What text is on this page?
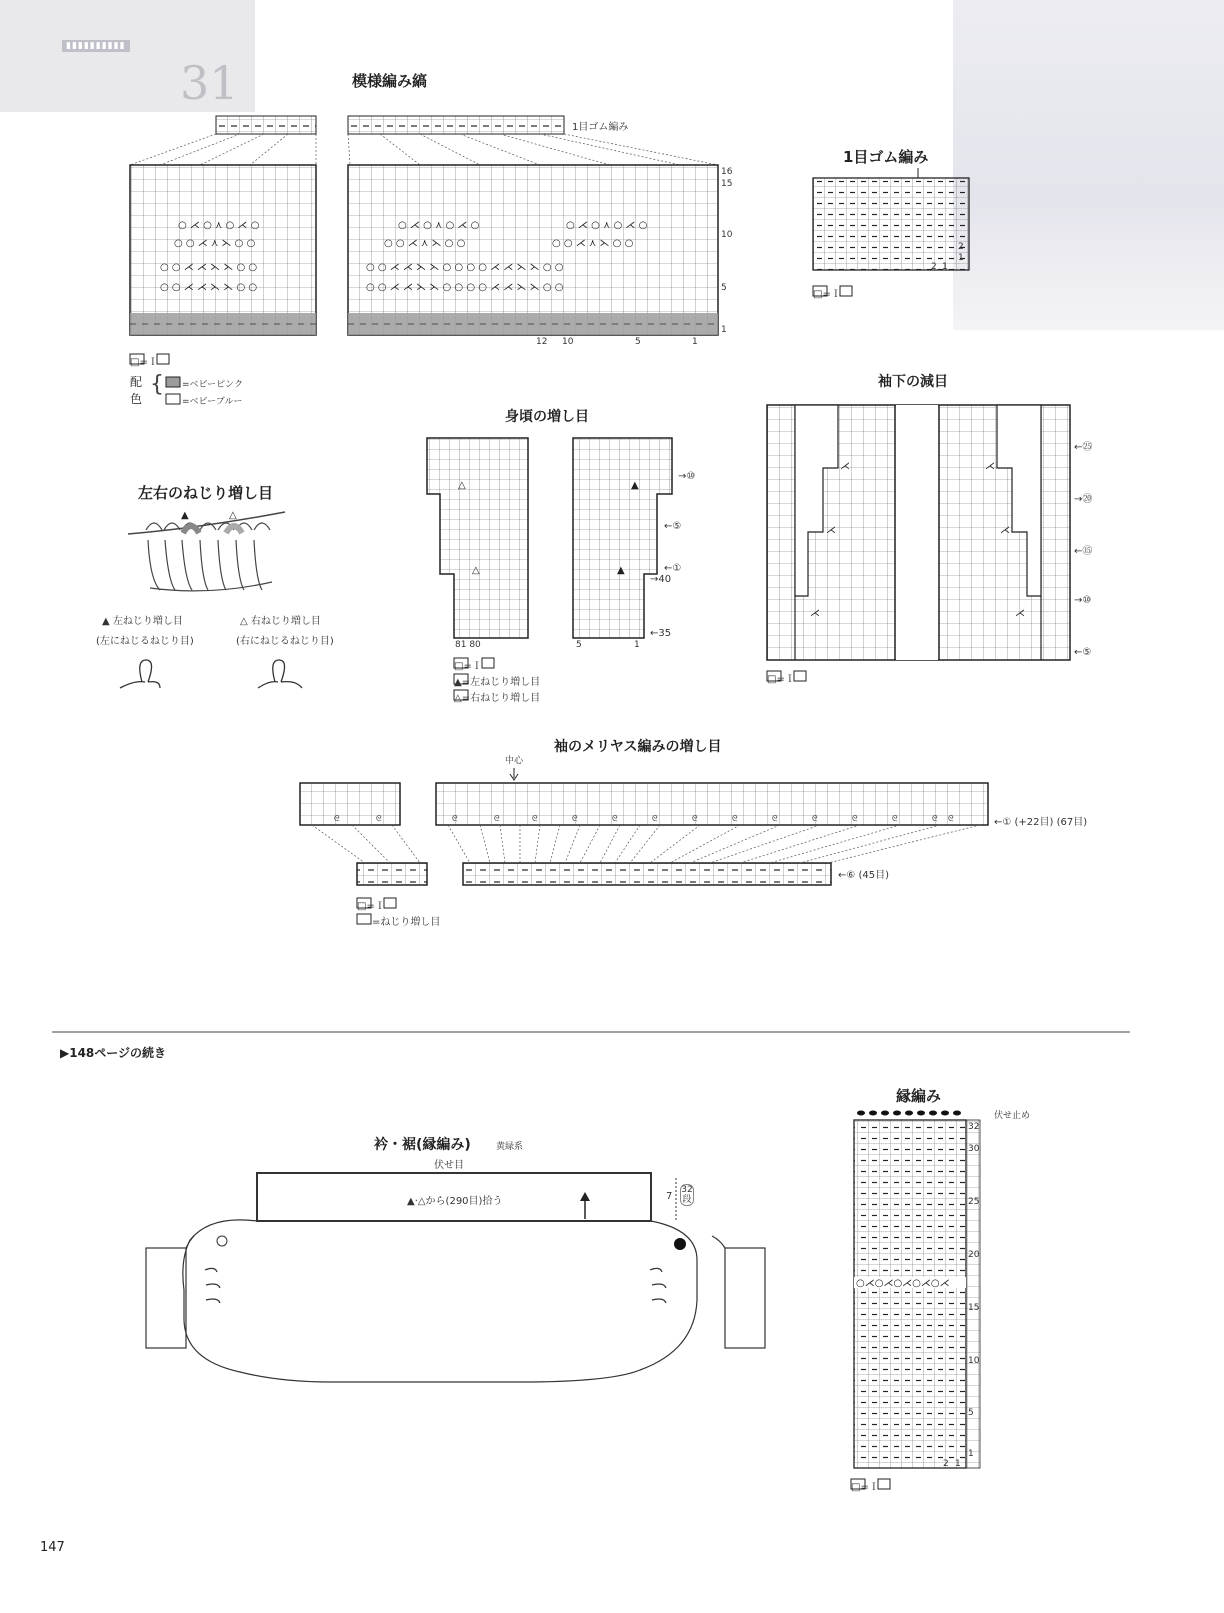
▮▮▮▮▮▮▮▮▮▮
31
○ ⋌ ○ ⋏ ○ ⋌ ○
○ ○ ⋌ ⋏ ⋋ ○ ○
○ ○ ⋌ ⋌ ⋋ ⋋ ○ ○
○ ○ ⋌ ⋌ ⋋ ⋋ ○ ○
○ ⋌ ○ ⋏ ○ ⋌ ○	○ ⋌ ○ ⋏ ○ ⋌ ○
○ ○ ⋌ ⋏ ⋋ ○ ○	○ ○ ⋌ ⋏ ⋋ ○ ○
○ ○ ⋌ ⋌ ⋋ ⋋ ○ ○ ○ ○ ⋌ ⋌ ⋋ ⋋ ○ ○
○ ○ ⋌ ⋌ ⋋ ⋋ ○ ○ ○ ○ ⋌ ⋌ ⋋ ⋋ ○ ○
△	▲
△	▲
⋌	⋌
⋌	⋌
⋌	⋌
▲	△
ᘓ	ᘓ	ᘓ	ᘓ	ᘓ	ᘓ	ᘓ	ᘓ	ᘓ	ᘓ	ᘓ	ᘓ	ᘓ	ᘓ	ᘓ ᘓ
○⋌○⋌○⋌○⋌○⋌
模様編み縞
1目ゴム編み
16
15
10
5
1
12 10	5	1
□=Ｉ
配色
{ =ベビーピンク
=ベビーブルー
1目ゴム編み
2
1
2 1
□=Ｉ
左右のねじり増し目
▲ 左ねじり増し目
(左にねじるねじり目)
△ 右ねじり増し目
(右にねじるねじり目)
身頃の増し目
→⑩
←⑤
←①
→40
←35
81 80	5	1
□=Ｉ
▲=左ねじり増し目
△=右ねじり増し目
袖下の減目
←㉕
→⑳
←⑮
→⑩
←⑤
□=Ｉ
袖のメリヤス編みの増し目
中心
←① (+22目) (67目)
←⑥ (45目)
□=Ｉ
=ねじり増し目
▶148ページの続き
衿・裾(縁編み)	黄緑系
伏せ目
▲·△から(290目)拾う	7
32段
縁編み
伏せ止め
32
30
25
20
15
10
5
1
2 1
□=Ｉ
147
